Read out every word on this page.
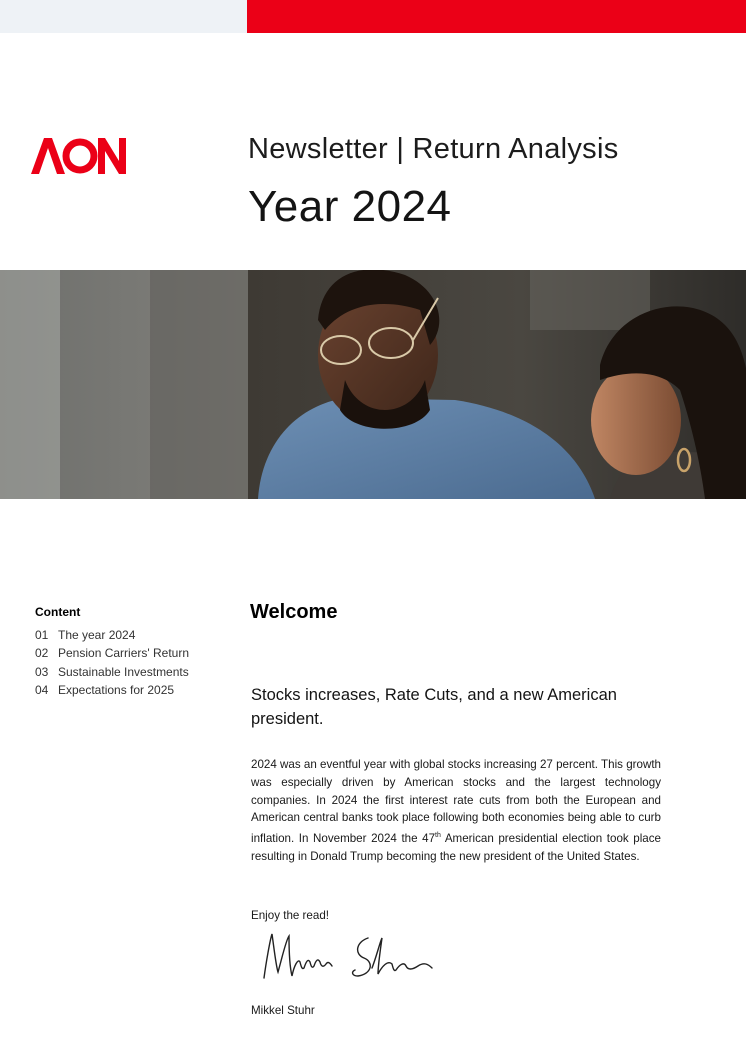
Newsletter | Return Analysis
Year 2024
Content
01 The year 2024
02 Pension Carriers' Return
03 Sustainable Investments
04 Expectations for 2025
Welcome
Stocks increases, Rate Cuts, and a new American president.
2024 was an eventful year with global stocks increasing 27 percent. This growth was especially driven by American stocks and the largest technology companies. In 2024 the first interest rate cuts from both the European and American central banks took place following both economies being able to curb inflation. In November 2024 the 47th American presidential election took place resulting in Donald Trump becoming the new president of the United States.
Enjoy the read!
Mikkel Stuhr
